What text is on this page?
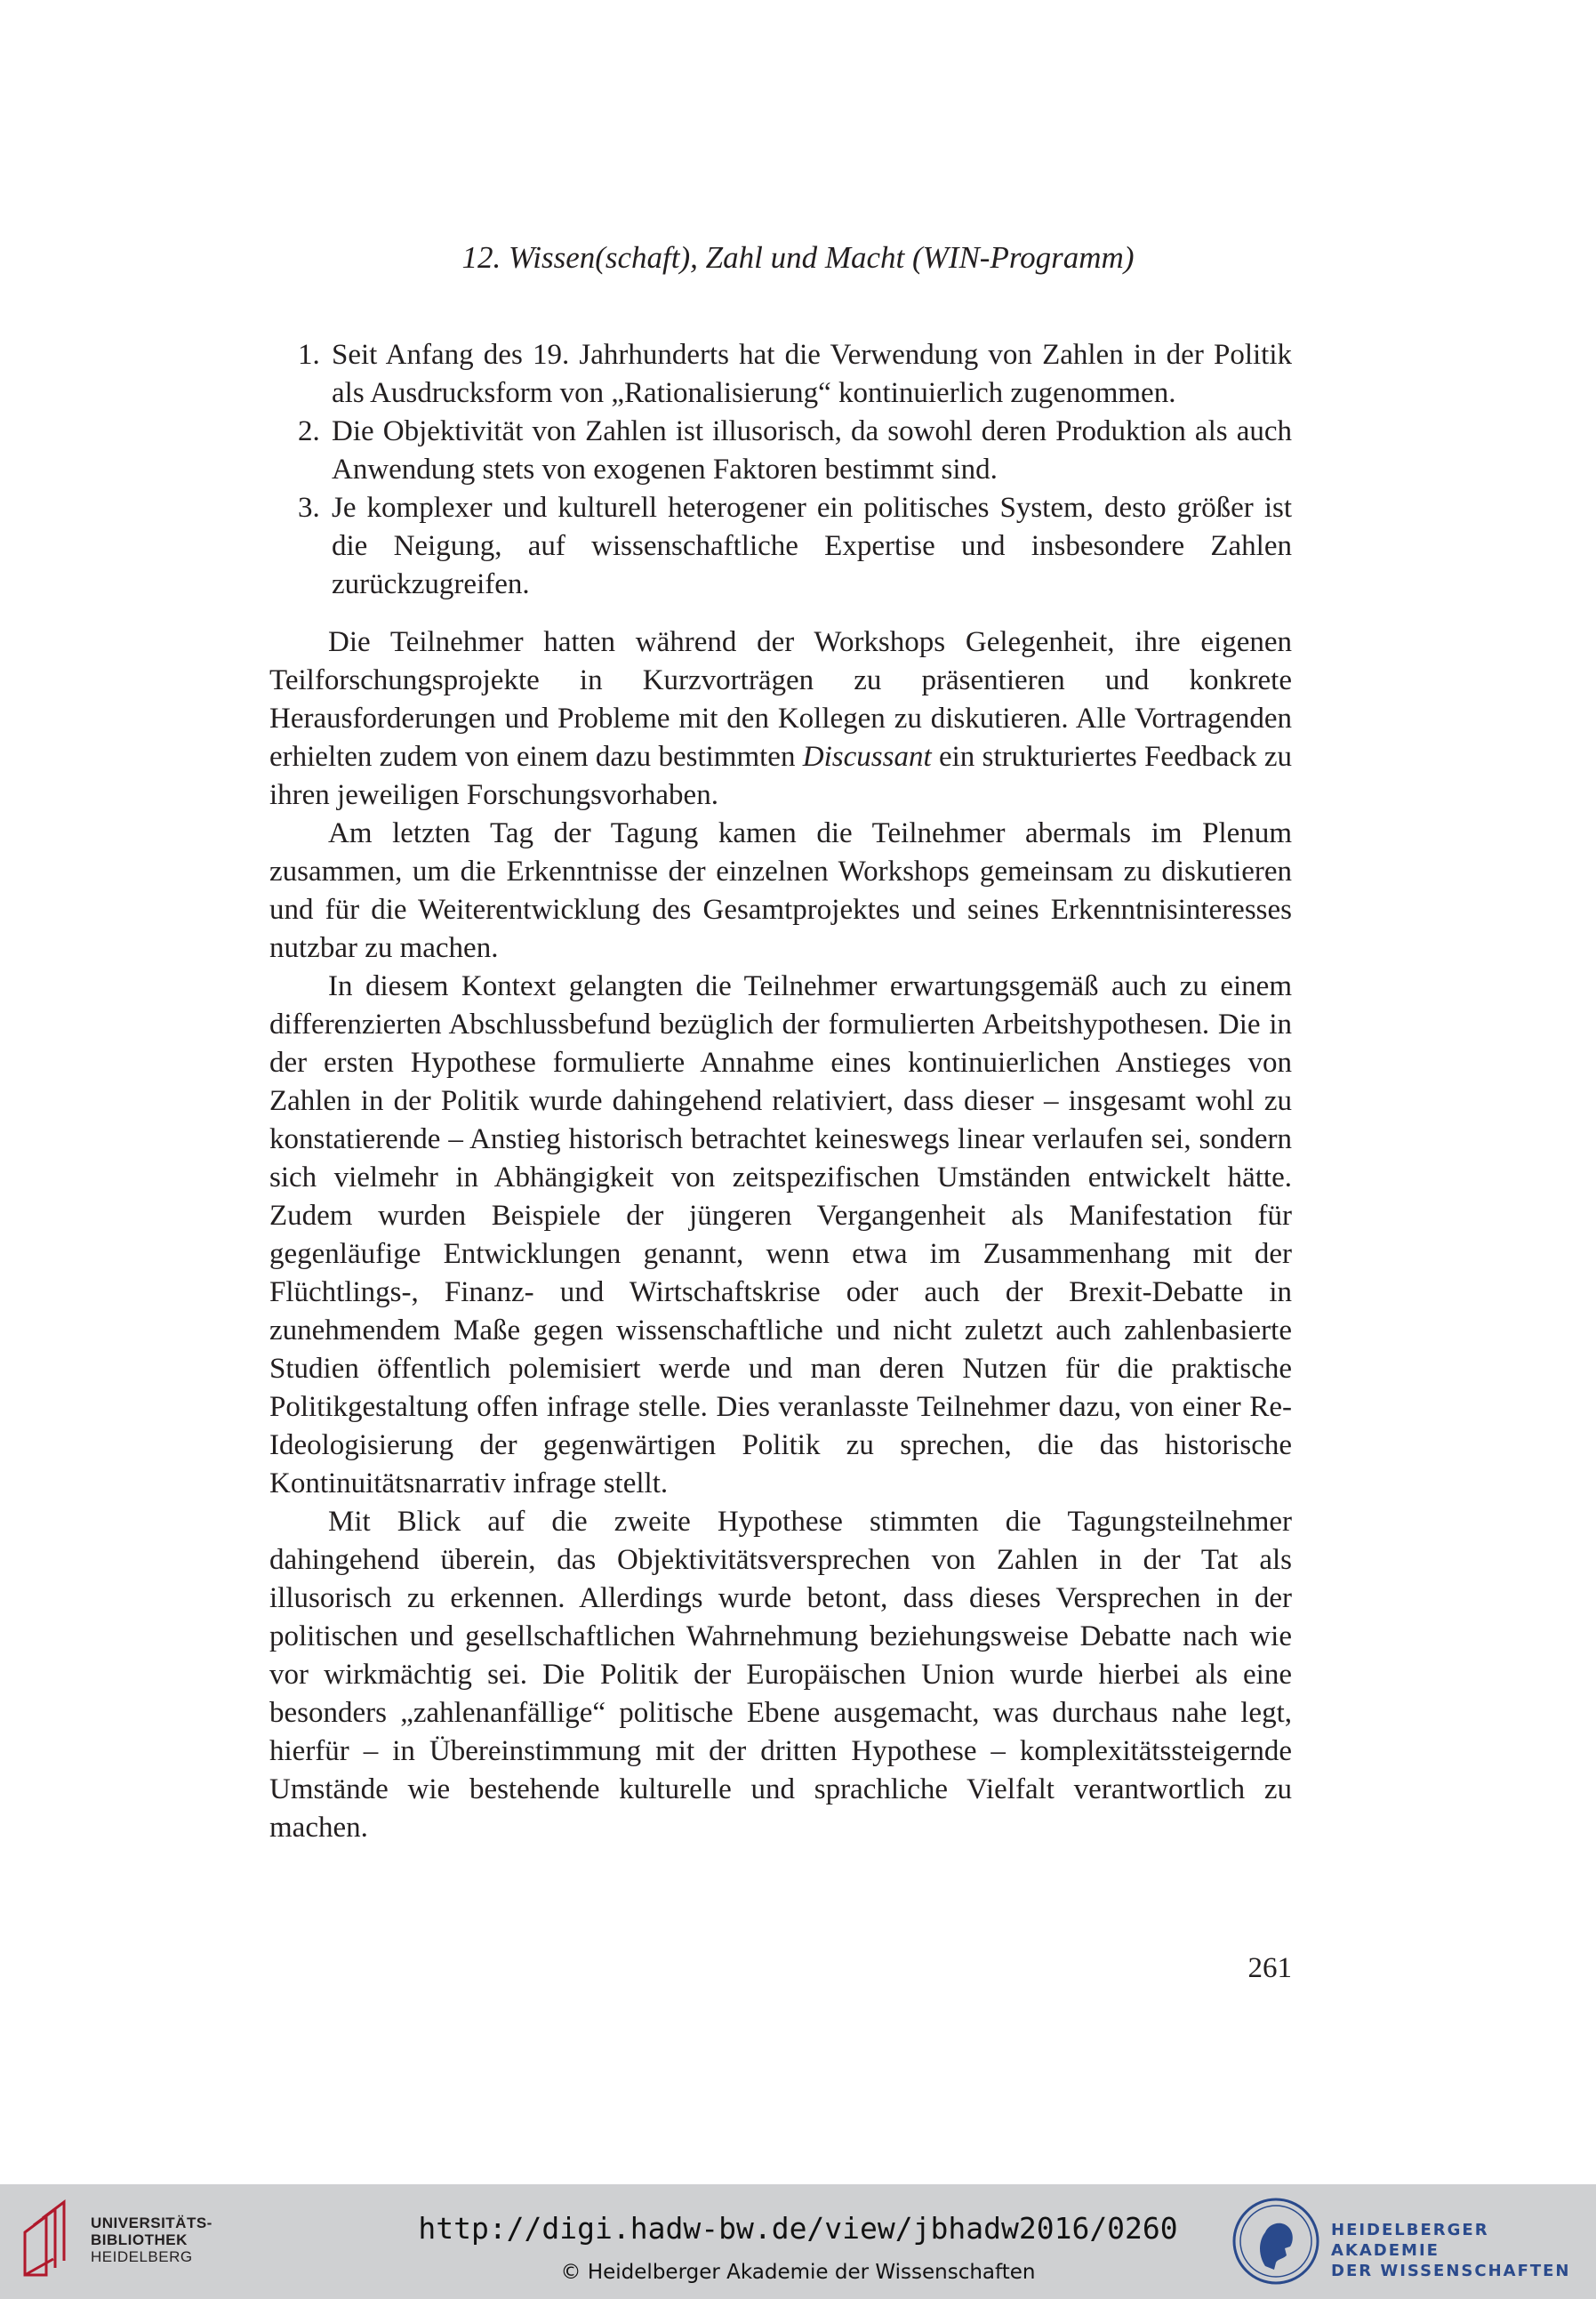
12. Wissen(schaft), Zahl und Macht (WIN-Programm)
1. Seit Anfang des 19. Jahrhunderts hat die Verwendung von Zahlen in der Politik als Ausdrucksform von „Rationalisierung“ kontinuierlich zugenommen.
2. Die Objektivität von Zahlen ist illusorisch, da sowohl deren Produktion als auch Anwendung stets von exogenen Faktoren bestimmt sind.
3. Je komplexer und kulturell heterogener ein politisches System, desto größer ist die Neigung, auf wissenschaftliche Expertise und insbesondere Zahlen zurückzugreifen.

Die Teilnehmer hatten während der Workshops Gelegenheit, ihre eigenen Teilforschungsprojekte in Kurzvorträgen zu präsentieren und konkrete Herausforderungen und Probleme mit den Kollegen zu diskutieren. Alle Vortragenden erhielten zudem von einem dazu bestimmten Discussant ein strukturiertes Feedback zu ihren jeweiligen Forschungsvorhaben.

Am letzten Tag der Tagung kamen die Teilnehmer abermals im Plenum zusammen, um die Erkenntnisse der einzelnen Workshops gemeinsam zu diskutieren und für die Weiterentwicklung des Gesamtprojektes und seines Erkenntnisinteresses nutzbar zu machen.

In diesem Kontext gelangten die Teilnehmer erwartungsgemäß auch zu einem differenzierten Abschlussbefund bezüglich der formulierten Arbeitshypothesen. Die in der ersten Hypothese formulierte Annahme eines kontinuierlichen Anstieges von Zahlen in der Politik wurde dahingehend relativiert, dass dieser – insgesamt wohl zu konstatierende – Anstieg historisch betrachtet keineswegs linear verlaufen sei, sondern sich vielmehr in Abhängigkeit von zeitspezifischen Umständen entwickelt hätte. Zudem wurden Beispiele der jüngeren Vergangenheit als Manifestation für gegenläufige Entwicklungen genannt, wenn etwa im Zusammenhang mit der Flüchtlings-, Finanz- und Wirtschaftskrise oder auch der Brexit-Debatte in zunehmendem Maße gegen wissenschaftliche und nicht zuletzt auch zahlenbasierte Studien öffentlich polemisiert werde und man deren Nutzen für die praktische Politikgestaltung offen infrage stelle. Dies veranlasste Teilnehmer dazu, von einer Re-Ideologisierung der gegenwärtigen Politik zu sprechen, die das historische Kontinuitätsnarrativ infrage stellt.

Mit Blick auf die zweite Hypothese stimmten die Tagungsteilnehmer dahingehend überein, das Objektivitätsversprechen von Zahlen in der Tat als illusorisch zu erkennen. Allerdings wurde betont, dass dieses Versprechen in der politischen und gesellschaftlichen Wahrnehmung beziehungsweise Debatte nach wie vor wirkmächtig sei. Die Politik der Europäischen Union wurde hierbei als eine besonders „zahlenanfällige“ politische Ebene ausgemacht, was durchaus nahe legt, hierfür – in Übereinstimmung mit der dritten Hypothese – komplexitätssteigernde Umstände wie bestehende kulturelle und sprachliche Vielfalt verantwortlich zu machen.

261
UNIVERSITÄTS-
BIBLIOTHEK
HEIDELBERG
http://digi.hadw-bw.de/view/jbhadw2016/0260
© Heidelberger Akademie der Wissenschaften
HEIDELBERGER AKADEMIE
DER WISSENSCHAFTEN
